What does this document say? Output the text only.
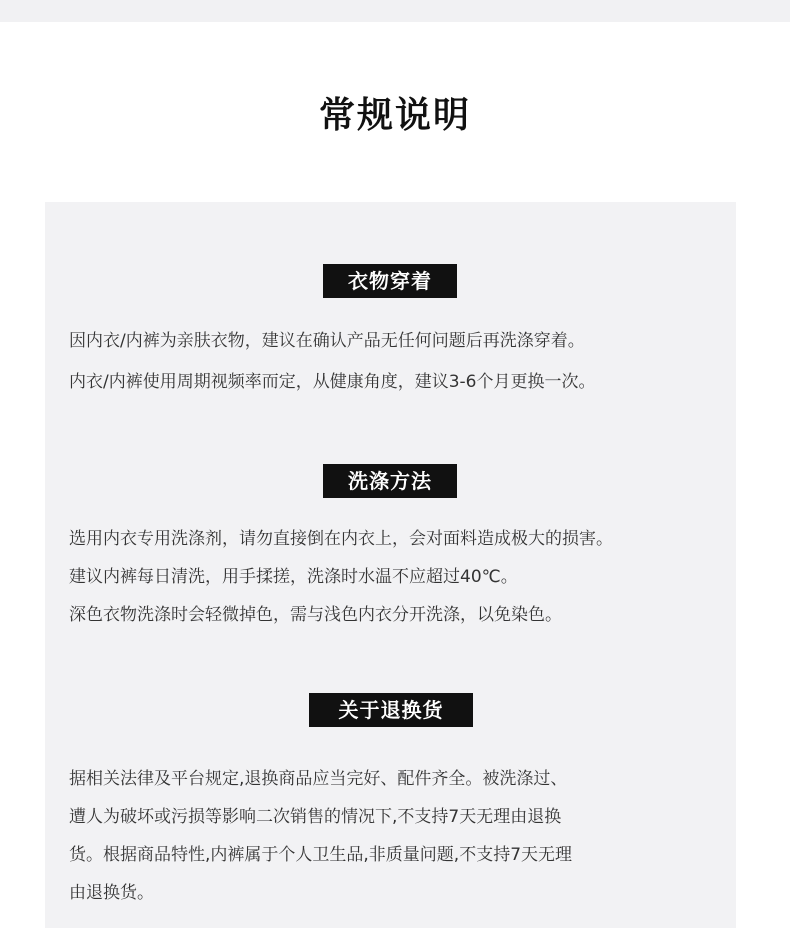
常规说明
衣物穿着
因内衣/内裤为亲肤衣物，建议在确认产品无任何问题后再洗涤穿着。
内衣/内裤使用周期视频率而定，从健康角度，建议3-6个月更换一次。
洗涤方法
选用内衣专用洗涤剂，请勿直接倒在内衣上，会对面料造成极大的损害。
建议内裤每日清洗，用手揉搓，洗涤时水温不应超过40℃。
深色衣物洗涤时会轻微掉色，需与浅色内衣分开洗涤，以免染色。
关于退换货
据相关法律及平台规定,退换商品应当完好、配件齐全。被洗涤过、
遭人为破坏或污损等影响二次销售的情况下,不支持7天无理由退换
货。根据商品特性,内裤属于个人卫生品,非质量问题,不支持7天无理
由退换货。
